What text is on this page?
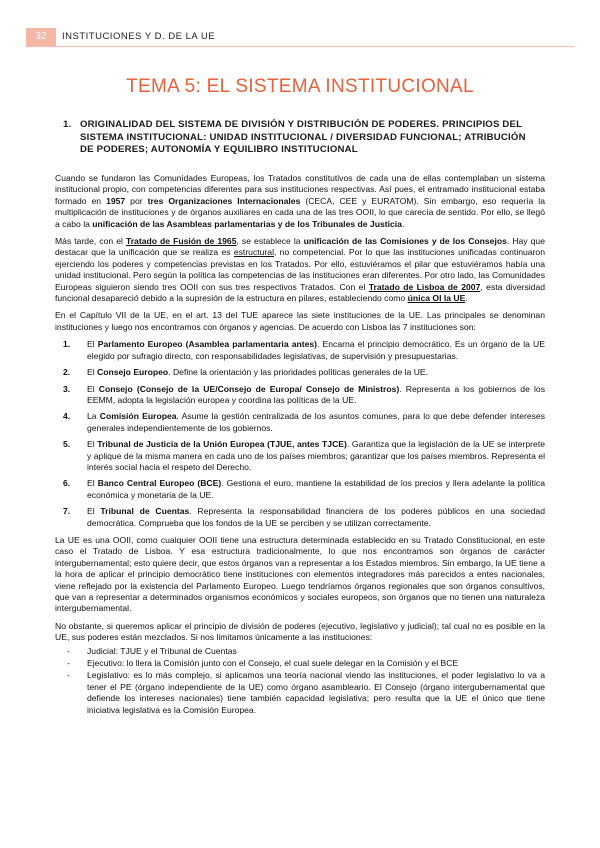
32	INSTITUCIONES Y D. DE LA UE
TEMA 5: EL SISTEMA INSTITUCIONAL
1. ORIGINALIDAD DEL SISTEMA DE DIVISIÓN Y DISTRIBUCIÓN DE PODERES. PRINCIPIOS DEL SISTEMA INSTITUCIONAL: UNIDAD INSTITUCIONAL / DIVERSIDAD FUNCIONAL; ATRIBUCIÓN DE PODERES; AUTONOMÍA Y EQUILIBRO INSTITUCIONAL

Cuando se fundaron las Comunidades Europeas, los Tratados constitutivos de cada una de ellas contemplaban un sistema institucional propio, con competencias diferentes para sus instituciones respectivas. Así pues, el entramado institucional estaba formado en 1957 por tres Organizaciones Internacionales (CECA, CEE y EURATOM). Sin embargo, eso requería la multiplicación de instituciones y de órganos auxiliares en cada una de las tres OOII, lo que carecía de sentido. Por ello, se llegó a cabo la unificación de las Asambleas parlamentarias y de los Tribunales de Justicia.

Más tarde, con el Tratado de Fusión de 1965, se establece la unificación de las Comisiones y de los Consejos. Hay que destacar que la unificación que se realiza es estructural, no competencial. Por lo que las instituciones unificadas continuaron ejerciendo los poderes y competencias previstas en los Tratados. Por ello, estuviéramos el pilar que estuviéramos había una unidad institucional. Pero según la política las competencias de las instituciones eran diferentes. Por otro lado, las Comunidades Europeas siguieron siendo tres OOII con sus tres respectivos Tratados. Con el Tratado de Lisboa de 2007, esta diversidad funcional desapareció debido a la supresión de la estructura en pilares, estableciendo como única OI la UE.

En el Capítulo VII de la UE, en el art. 13 del TUE aparece las siete instituciones de la UE. Las principales se denominan instituciones y luego nos encontramos con órganos y agencias. De acuerdo con Lisboa las 7 instituciones son:

1. El Parlamento Europeo (Asamblea parlamentaria antes). Encarna el principio democrático. Es un órgano de la UE elegido por sufragio directo, con responsabilidades legislativas, de supervisión y presupuestarias.
2. El Consejo Europeo. Define la orientación y las prioridades políticas generales de la UE.
3. El Consejo (Consejo de la UE/Consejo de Europa/ Consejo de Ministros). Representa a los gobiernos de los EEMM, adopta la legislación europea y coordina las políticas de la UE.
4. La Comisión Europea. Asume la gestión centralizada de los asuntos comunes, para lo que debe defender intereses generales independientemente de los gobiernos.
5. El Tribunal de Justicia de la Unión Europea (TJUE, antes TJCE). Garantiza que la legislación de la UE se interprete y aplique de la misma manera en cada uno de los países miembros; garantizar que los países miembros. Representa el interés social hacia el respeto del Derecho.
6. El Banco Central Europeo (BCE). Gestiona el euro, mantiene la estabilidad de los precios y llera adelante la política económica y monetaria de la UE.
7. El Tribunal de Cuentas. Representa la responsabilidad financiera de los poderes públicos en una sociedad democrática. Comprueba que los fondos de la UE se perciben y se utilizan correctamente.

La UE es una OOII, como cualquier OOII tiene una estructura determinada establecido en su Tratado Constitucional, en este caso el Tratado de Lisboa. Y esa estructura tradicionalmente, lo que nos encontramos son órganos de carácter intergubernamental; esto quiere decir, que estos órganos van a representar a los Estados miembros. Sin embargo, la UE tiene a la hora de aplicar el principio democrático tiene instituciones con elementos integradores más parecidos a entes nacionales, viene reflejado por la existencia del Parlamento Europeo. Luego tendríamos órganos regionales que son órganos consultivos, que van a representar a determinados organismos económicos y sociales europeos, son órganos que no tienen una naturaleza intergubernamental.

No obstante, si queremos aplicar el principio de división de poderes (ejecutivo, legislativo y judicial); tal cual no es posible en la UE, sus poderes están mezclados. Si nos limitamos únicamente a las instituciones:

- Judicial: TJUE y el Tribunal de Cuentas
- Ejecutivo: lo llera la Comisión junto con el Consejo, el cual suele delegar en la Comisión y el BCE
- Legislativo: es lo más complejo, si aplicamos una teoría nacional viendo las instituciones, el poder legislativo lo va a tener el PE (órgano independiente de la UE) como órgano asambleario. El Consejo (órgano intergubernamental que defiende los intereses nacionales) tiene también capacidad legislativa; pero resulta que la UE el único que tiene iniciativa legislativa es la Comisión Europea.
